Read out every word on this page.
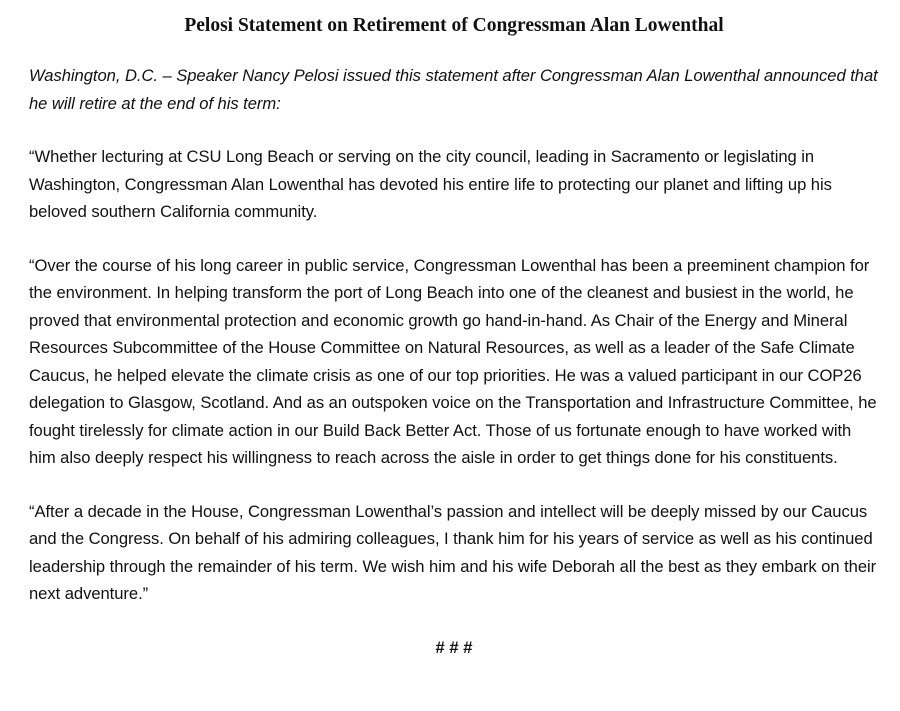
Pelosi Statement on Retirement of Congressman Alan Lowenthal

Washington, D.C. – Speaker Nancy Pelosi issued this statement after Congressman Alan Lowenthal announced that he will retire at the end of his term:

“Whether lecturing at CSU Long Beach or serving on the city council, leading in Sacramento or legislating in Washington, Congressman Alan Lowenthal has devoted his entire life to protecting our planet and lifting up his beloved southern California community.

“Over the course of his long career in public service, Congressman Lowenthal has been a preeminent champion for the environment. In helping transform the port of Long Beach into one of the cleanest and busiest in the world, he proved that environmental protection and economic growth go hand-in-hand. As Chair of the Energy and Mineral Resources Subcommittee of the House Committee on Natural Resources, as well as a leader of the Safe Climate Caucus, he helped elevate the climate crisis as one of our top priorities. He was a valued participant in our COP26 delegation to Glasgow, Scotland. And as an outspoken voice on the Transportation and Infrastructure Committee, he fought tirelessly for climate action in our Build Back Better Act. Those of us fortunate enough to have worked with him also deeply respect his willingness to reach across the aisle in order to get things done for his constituents.

“After a decade in the House, Congressman Lowenthal’s passion and intellect will be deeply missed by our Caucus and the Congress. On behalf of his admiring colleagues, I thank him for his years of service as well as his continued leadership through the remainder of his term. We wish him and his wife Deborah all the best as they embark on their next adventure.”

# # #
